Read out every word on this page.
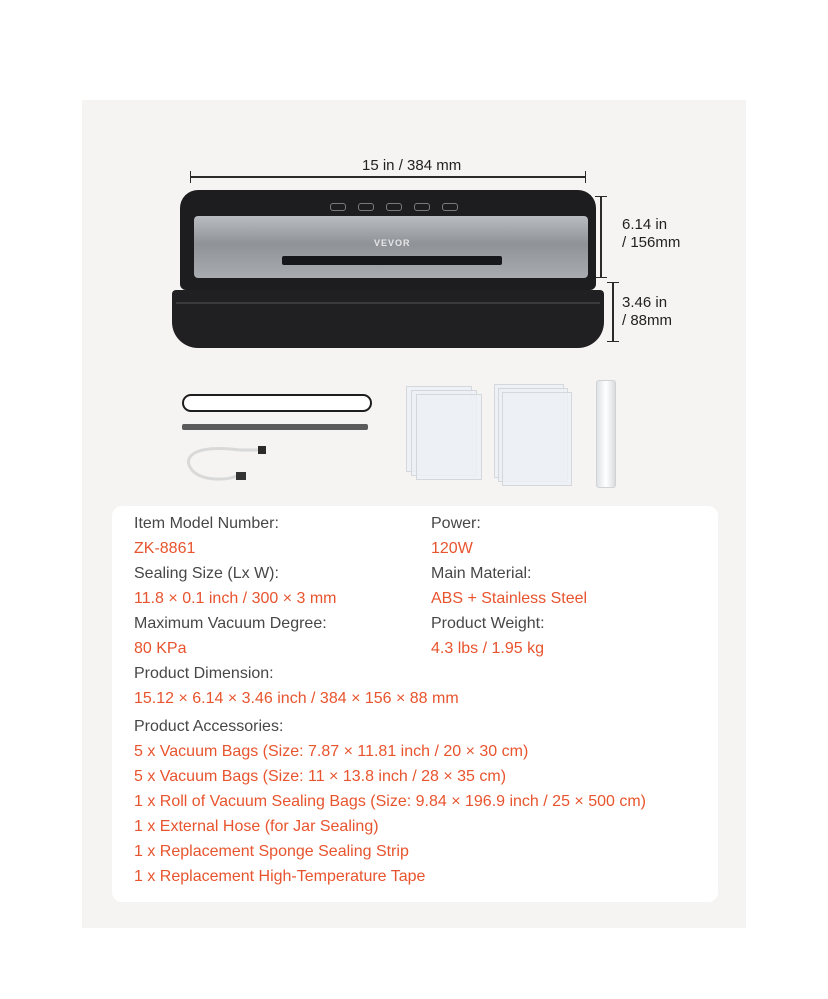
15 in / 384 mm
6.14 in
/ 156mm
3.46 in
/ 88mm
VEVOR
Item Model Number:
ZK-8861
Power:
120W
Sealing Size (Lx W):
11.8 × 0.1 inch / 300 × 3 mm
Main Material:
ABS + Stainless Steel
Maximum Vacuum Degree:
80 KPa
Product Weight:
4.3 lbs / 1.95 kg
Product Dimension:
15.12 × 6.14 × 3.46 inch / 384 × 156 × 88 mm
Product Accessories:
5 x Vacuum Bags (Size: 7.87 × 11.81 inch / 20 × 30 cm)
5 x Vacuum Bags (Size: 11 × 13.8 inch / 28 × 35 cm)
1 x Roll of Vacuum Sealing Bags (Size: 9.84 × 196.9 inch / 25 × 500 cm)
1 x External Hose (for Jar Sealing)
1 x Replacement Sponge Sealing Strip
1 x Replacement High-Temperature Tape
